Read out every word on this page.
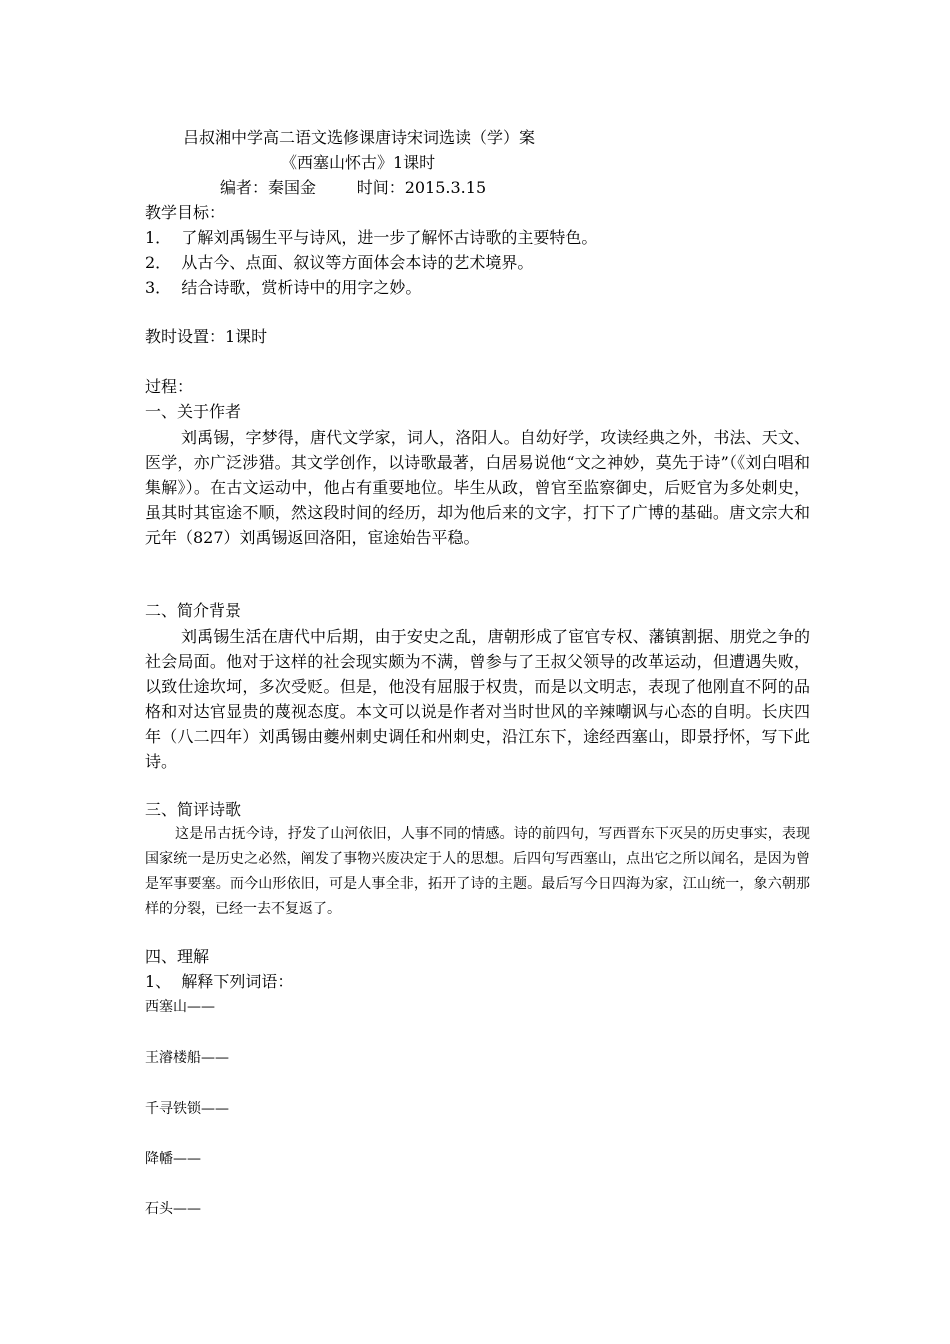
吕叔湘中学高二语文选修课唐诗宋词选读（学）案
《西塞山怀古》1课时
编者：秦国金        时间：2015.3.15
教学目标：
1．  了解刘禹锡生平与诗风，进一步了解怀古诗歌的主要特色。
2．  从古今、点面、叙议等方面体会本诗的艺术境界。
3．  结合诗歌，赏析诗中的用字之妙。
教时设置：1课时
过程：
一、关于作者
刘禹锡，字梦得，唐代文学家，词人，洛阳人。自幼好学，攻读经典之外，书法、天文、医学，亦广泛涉猎。其文学创作，以诗歌最著，白居易说他“文之神妙，莫先于诗”（《刘白唱和集解》）。在古文运动中，他占有重要地位。毕生从政，曾官至监察御史，后贬官为多处刺史，虽其时其宦途不顺，然这段时间的经历，却为他后来的文字，打下了广博的基础。唐文宗大和元年（827）刘禹锡返回洛阳，宦途始告平稳。
二、简介背景
刘禹锡生活在唐代中后期，由于安史之乱，唐朝形成了宦官专权、藩镇割据、朋党之争的社会局面。他对于这样的社会现实颇为不满，曾参与了王叔父领导的改革运动，但遭遇失败，以致仕途坎坷，多次受贬。但是，他没有屈服于权贵，而是以文明志，表现了他刚直不阿的品格和对达官显贵的蔑视态度。本文可以说是作者对当时世风的辛辣嘲讽与心态的自明。长庆四年（八二四年）刘禹锡由夔州刺史调任和州刺史，沿江东下，途经西塞山，即景抒怀，写下此诗。
三、简评诗歌
这是吊古抚今诗，抒发了山河依旧，人事不同的情感。诗的前四句，写西晋东下灭吴的历史事实，表现国家统一是历史之必然，阐发了事物兴废决定于人的思想。后四句写西塞山，点出它之所以闻名，是因为曾是军事要塞。而今山形依旧，可是人事全非，拓开了诗的主题。最后写今日四海为家，江山统一，象六朝那样的分裂，已经一去不复返了。
四、理解
1、  解释下列词语：
西塞山——
王濬楼船——
千寻铁锁——
降幡——
石头——
